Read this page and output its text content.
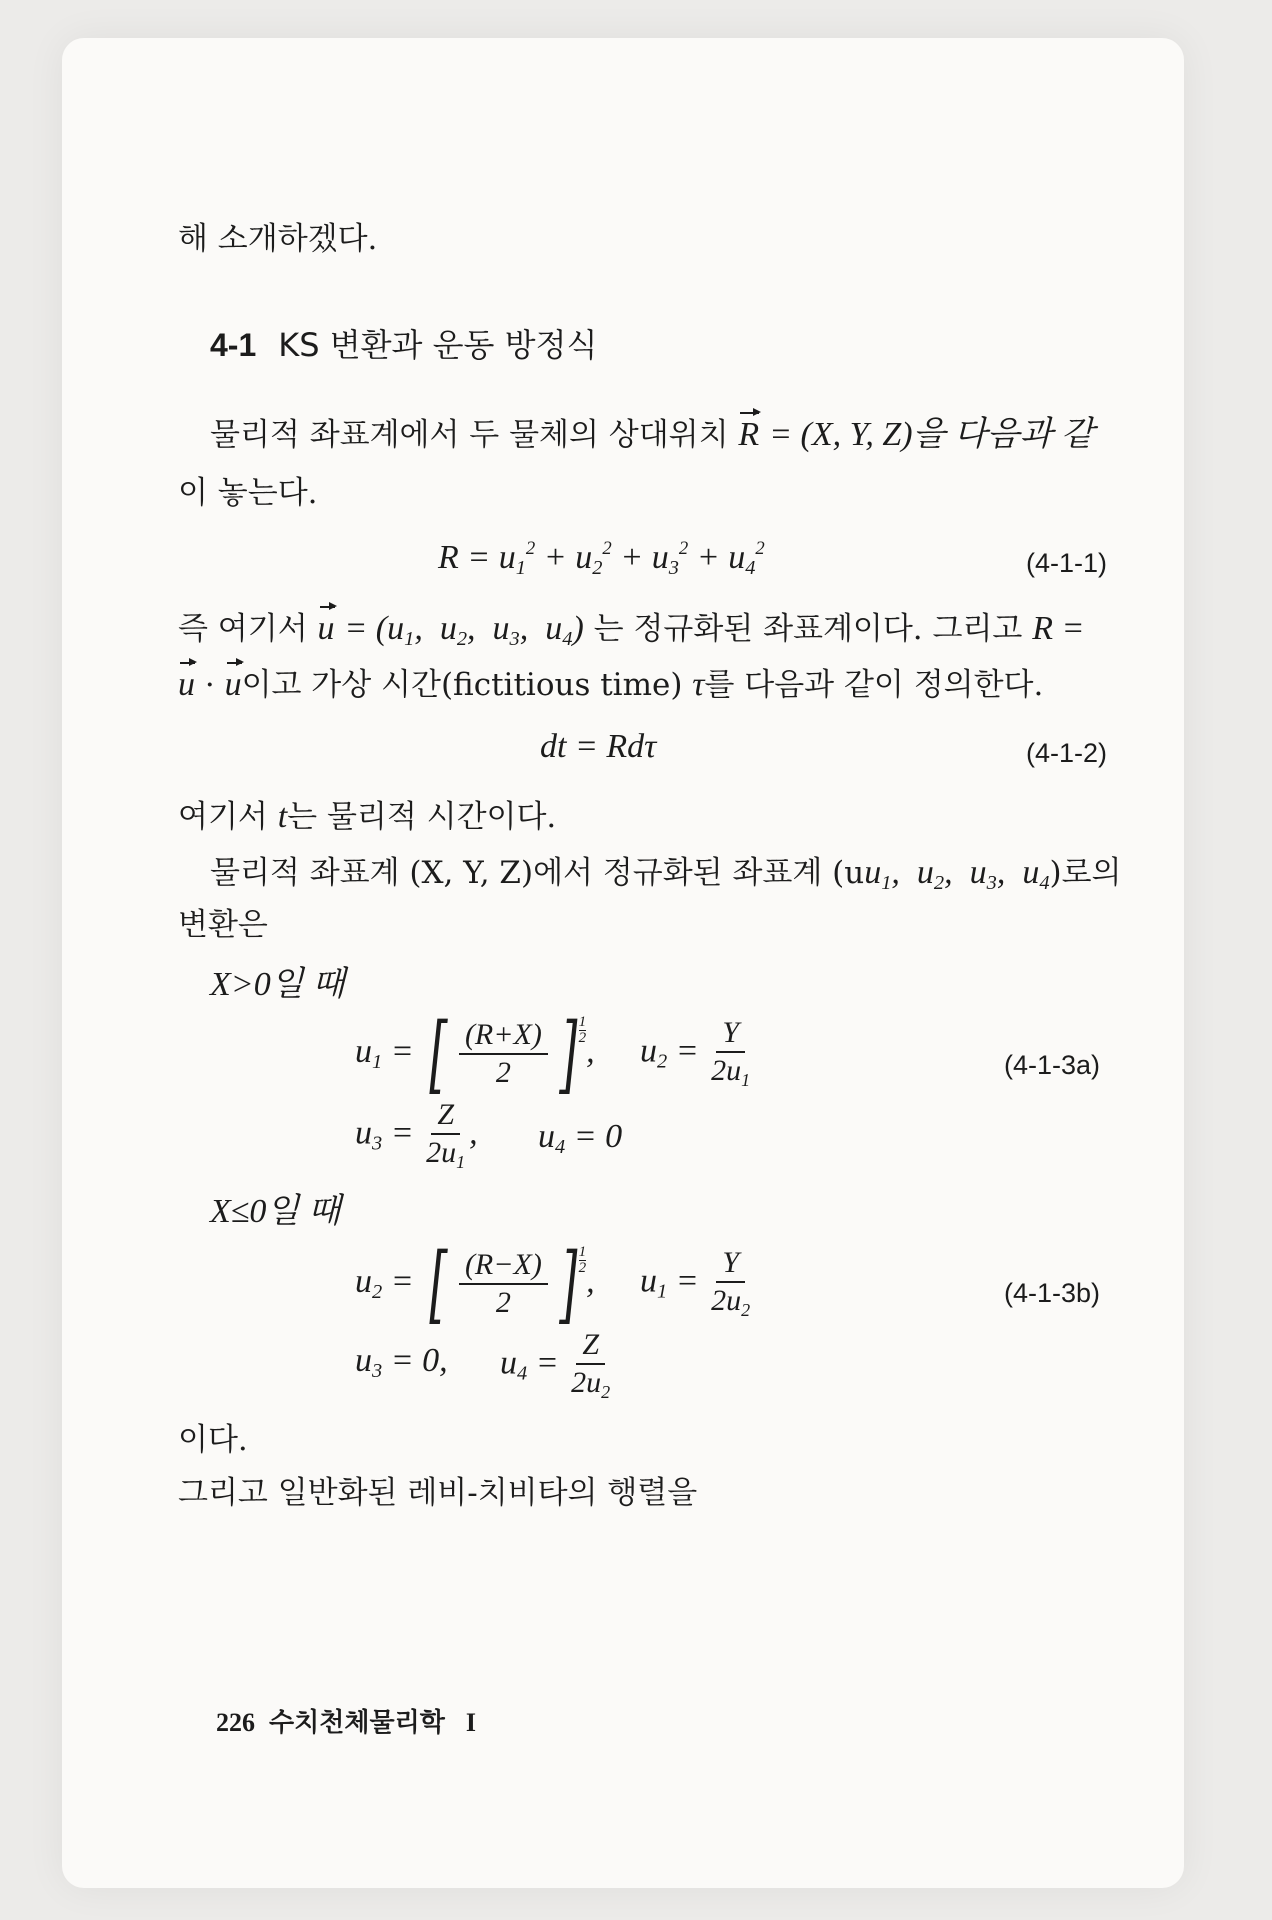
해 소개하겠다.
4-1 KS 변환과 운동 방정식
물리적 좌표계에서 두 물체의 상대위치 R = (X, Y, Z)을 다음과 같
이 놓는다.
$R = u_1^2 + u_2^2 + u_3^2 + u_4^2$	(4-1-1)
즉 여기서 $u = (u_1$,  $u_2$,  $u_3$,  $u_4$) 는 정규화된 좌표계이다. 그리고 R =
u · u이고 가상 시간(fictitious time) τ를 다음과 같이 정의한다.
dt = Rdτ	(4-1-2)
여기서 t는 물리적 시간이다.
물리적 좌표계 (X, Y, Z)에서 정규화된 좌표계 ($uu_1$,  $u_2$,  $u_3$,  $u_4$)로의
변환은
X>0일 때
$u_1$ = [ $\frac{(R+X)}{2}$ ] $\frac{1}{2}$
, $u_2 = \frac{Y}{2u_1}$	(4-1-3a)
$u_3 = \frac{Z}{2u_1}$ , $u_4 = 0$
X≤0일 때
$u_2$ = [ $\frac{(R-X)}{2}$ ] $\frac{1}{2}$
, $u_1 = \frac{Y}{2u_2}$	(4-1-3b)
$u_3 = 0$, $u_4 = \frac{Z}{2u_2}$
이다.
그리고 일반화된 레비-치비타의 행렬을
226 수치천체물리학 I
